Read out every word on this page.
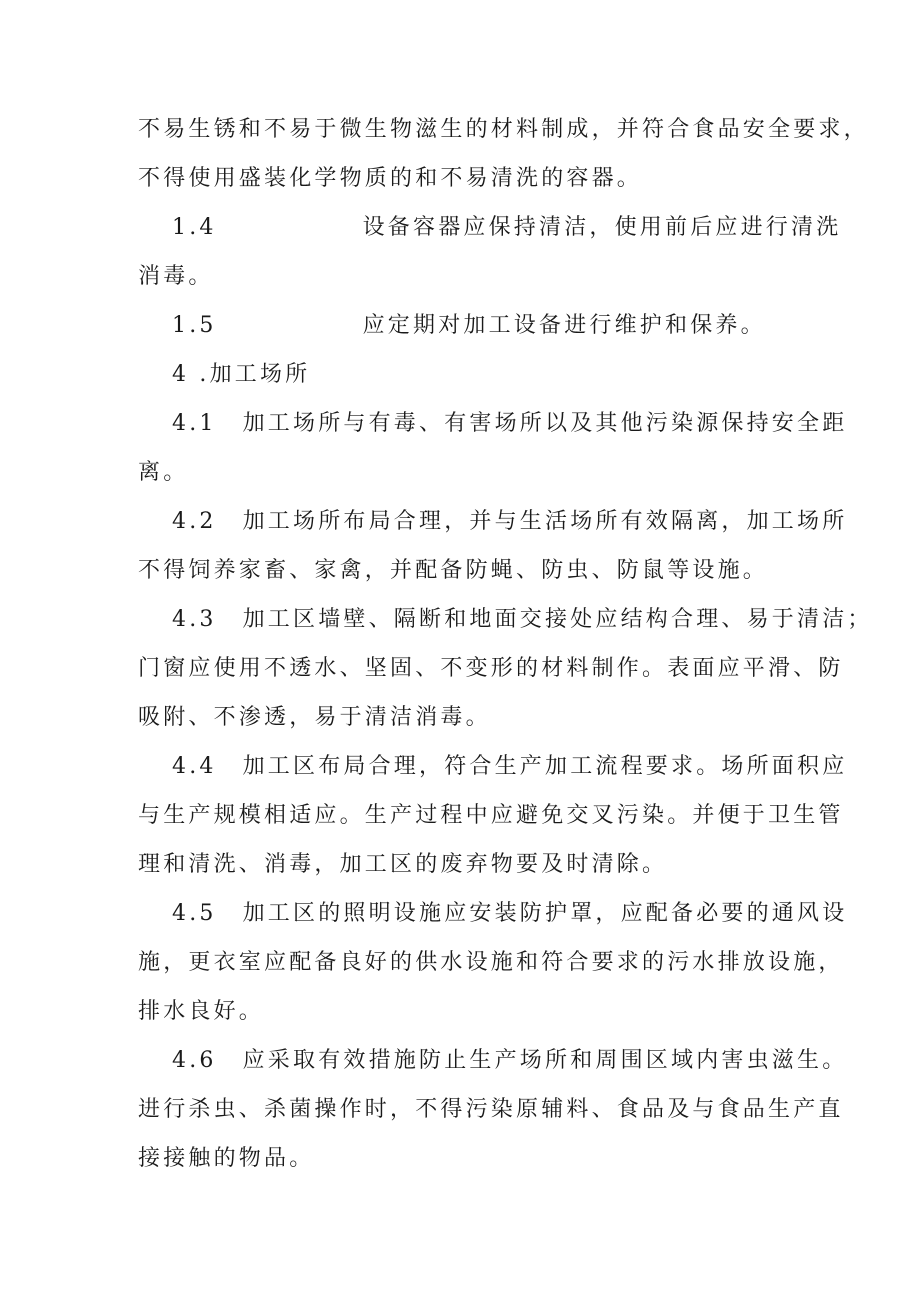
不易生锈和不易于微生物滋生的材料制成，并符合食品安全要求，
不得使用盛装化学物质的和不易清洗的容器。
1.4	设备容器应保持清洁，使用前后应进行清洗
消毒。
1.5	应定期对加工设备进行维护和保养。
4 .加工场所
4.1 加工场所与有毒、有害场所以及其他污染源保持安全距
离。
4.2 加工场所布局合理，并与生活场所有效隔离，加工场所
不得饲养家畜、家禽，并配备防蝇、防虫、防鼠等设施。
4.3 加工区墙壁、隔断和地面交接处应结构合理、易于清洁；
门窗应使用不透水、坚固、不变形的材料制作。表面应平滑、防
吸附、不渗透，易于清洁消毒。
4.4 加工区布局合理，符合生产加工流程要求。场所面积应
与生产规模相适应。生产过程中应避免交叉污染。并便于卫生管
理和清洗、消毒，加工区的废弃物要及时清除。
4.5 加工区的照明设施应安装防护罩，应配备必要的通风设
施，更衣室应配备良好的供水设施和符合要求的污水排放设施，
排水良好。
4.6 应采取有效措施防止生产场所和周围区域内害虫滋生。
进行杀虫、杀菌操作时，不得污染原辅料、食品及与食品生产直
接接触的物品。
